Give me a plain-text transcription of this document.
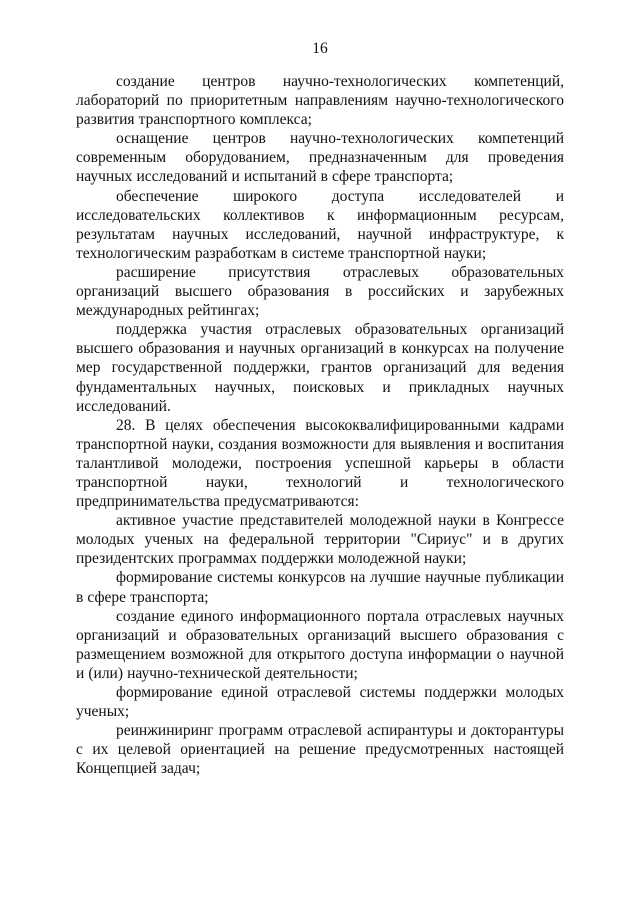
16

создание центров научно-технологических компетенций, лабораторий по приоритетным направлениям научно-технологического развития транспортного комплекса;

оснащение центров научно-технологических компетенций современным оборудованием, предназначенным для проведения научных исследований и испытаний в сфере транспорта;

обеспечение широкого доступа исследователей и исследовательских коллективов к информационным ресурсам, результатам научных исследований, научной инфраструктуре, к технологическим разработкам в системе транспортной науки;

расширение присутствия отраслевых образовательных организаций высшего образования в российских и зарубежных международных рейтингах;

поддержка участия отраслевых образовательных организаций высшего образования и научных организаций в конкурсах на получение мер государственной поддержки, грантов организаций для ведения фундаментальных научных, поисковых и прикладных научных исследований.

28. В целях обеспечения высококвалифицированными кадрами транспортной науки, создания возможности для выявления и воспитания талантливой молодежи, построения успешной карьеры в области транспортной науки, технологий и технологического предпринимательства предусматриваются:

активное участие представителей молодежной науки в Конгрессе молодых ученых на федеральной территории "Сириус" и в других президентских программах поддержки молодежной науки;

формирование системы конкурсов на лучшие научные публикации в сфере транспорта;

создание единого информационного портала отраслевых научных организаций и образовательных организаций высшего образования с размещением возможной для открытого доступа информации о научной и (или) научно-технической деятельности;

формирование единой отраслевой системы поддержки молодых ученых;

реинжиниринг программ отраслевой аспирантуры и докторантуры с их целевой ориентацией на решение предусмотренных настоящей Концепцией задач;
